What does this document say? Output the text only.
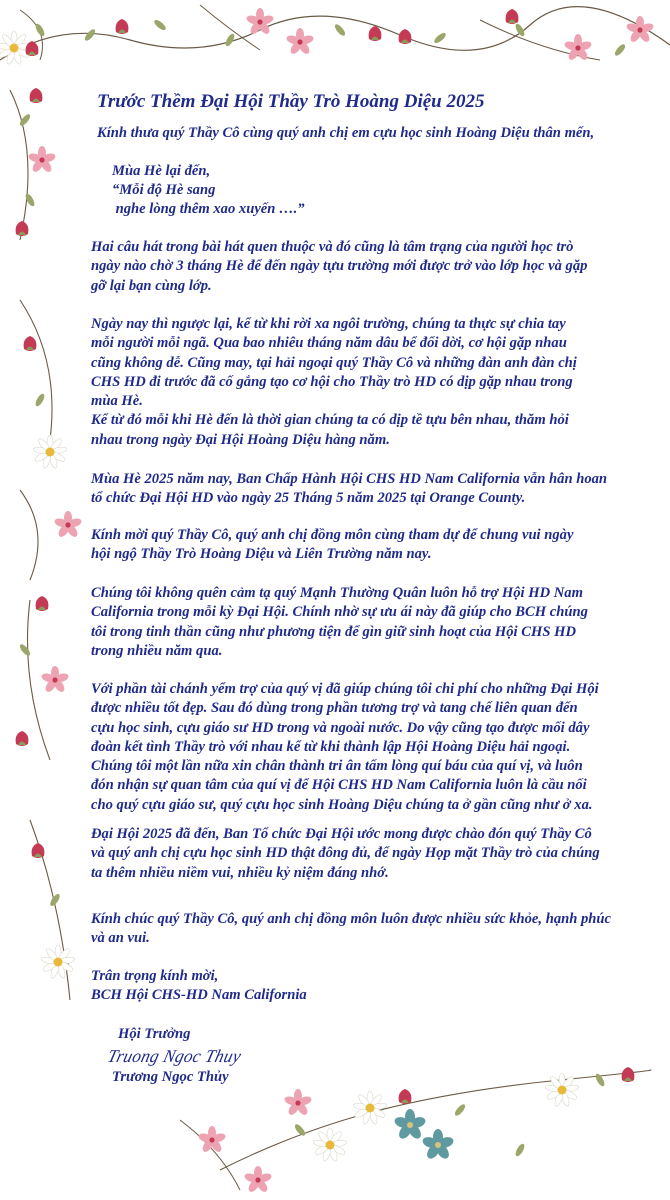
Trước Thềm Đại Hội Thầy Trò Hoàng Diệu 2025

Kính thưa quý Thầy Cô cùng quý anh chị em cựu học sinh Hoàng Diệu thân mến,

Mùa Hè lại đến,

“Mỗi độ Hè sang

nghe lòng thêm xao xuyến ….”

Hai câu hát trong bài hát quen thuộc và đó cũng là tâm trạng của người học trò
ngày nào chờ 3 tháng Hè để đến ngày tựu trường mới được trở vào lớp học và gặp
gỡ lại bạn cùng lớp.

Ngày nay thì ngược lại, kể từ khi rời xa ngôi trường, chúng ta thực sự chia tay
mỗi người mỗi ngã. Qua bao nhiêu tháng năm dâu bể đổi dời, cơ hội gặp nhau
cũng không dễ. Cũng may, tại hải ngoại quý Thầy Cô và những đàn anh đàn chị
CHS HD đi trước đã cố gắng tạo cơ hội cho Thầy trò HD có dịp gặp nhau trong
mùa Hè.
Kể từ đó mỗi khi Hè đến là thời gian chúng ta có dịp tề tựu bên nhau, thăm hỏi
nhau trong ngày Đại Hội Hoàng Diệu hàng năm.

Mùa Hè 2025 năm nay, Ban Chấp Hành Hội CHS HD Nam California vẫn hân hoan
tổ chức Đại Hội HD vào ngày 25 Tháng 5 năm 2025 tại Orange County.

Kính mời quý Thầy Cô, quý anh chị đồng môn cùng tham dự để chung vui ngày
hội ngộ Thầy Trò Hoàng Diệu và Liên Trường năm nay.

Chúng tôi không quên cảm tạ quý Mạnh Thường Quân luôn hỗ trợ Hội HD Nam
California trong mỗi kỳ Đại Hội. Chính nhờ sự ưu ái này đã giúp cho BCH chúng
tôi trong tinh thần cũng như phương tiện để gìn giữ sinh hoạt của Hội CHS HD
trong nhiều năm qua.

Với phần tài chánh yểm trợ của quý vị đã giúp chúng tôi chi phí cho những Đại Hội
được nhiều tốt đẹp. Sau đó dùng trong phần tương trợ và tang chế liên quan đến
cựu học sinh, cựu giáo sư HD trong và ngoài nước. Do vậy cũng tạo được mối dây
đoàn kết tình Thầy trò với nhau kể từ khi thành lập Hội Hoàng Diệu hải ngoại.
Chúng tôi một lần nữa xin chân thành tri ân tấm lòng quí báu của quí vị, và luôn
đón nhận sự quan tâm của quí vị để Hội CHS HD Nam California luôn là cầu nối
cho quý cựu giáo sư, quý cựu học sinh Hoàng Diệu chúng ta ở gần cũng như ở xa.

Đại Hội 2025 đã đến, Ban Tổ chức Đại Hội ước mong được chào đón quý Thầy Cô
và quý anh chị cựu học sinh HD thật đông đủ, để ngày Họp mặt Thầy trò của chúng
ta thêm nhiều niềm vui, nhiều kỷ niệm đáng nhớ.

Kính chúc quý Thầy Cô, quý anh chị đồng môn luôn được nhiều sức khỏe, hạnh phúc
và an vui.

Trân trọng kính mời,

BCH Hội CHS-HD Nam California

Hội Trưởng

Truong Ngoc Thuy

Trương Ngọc Thủy
